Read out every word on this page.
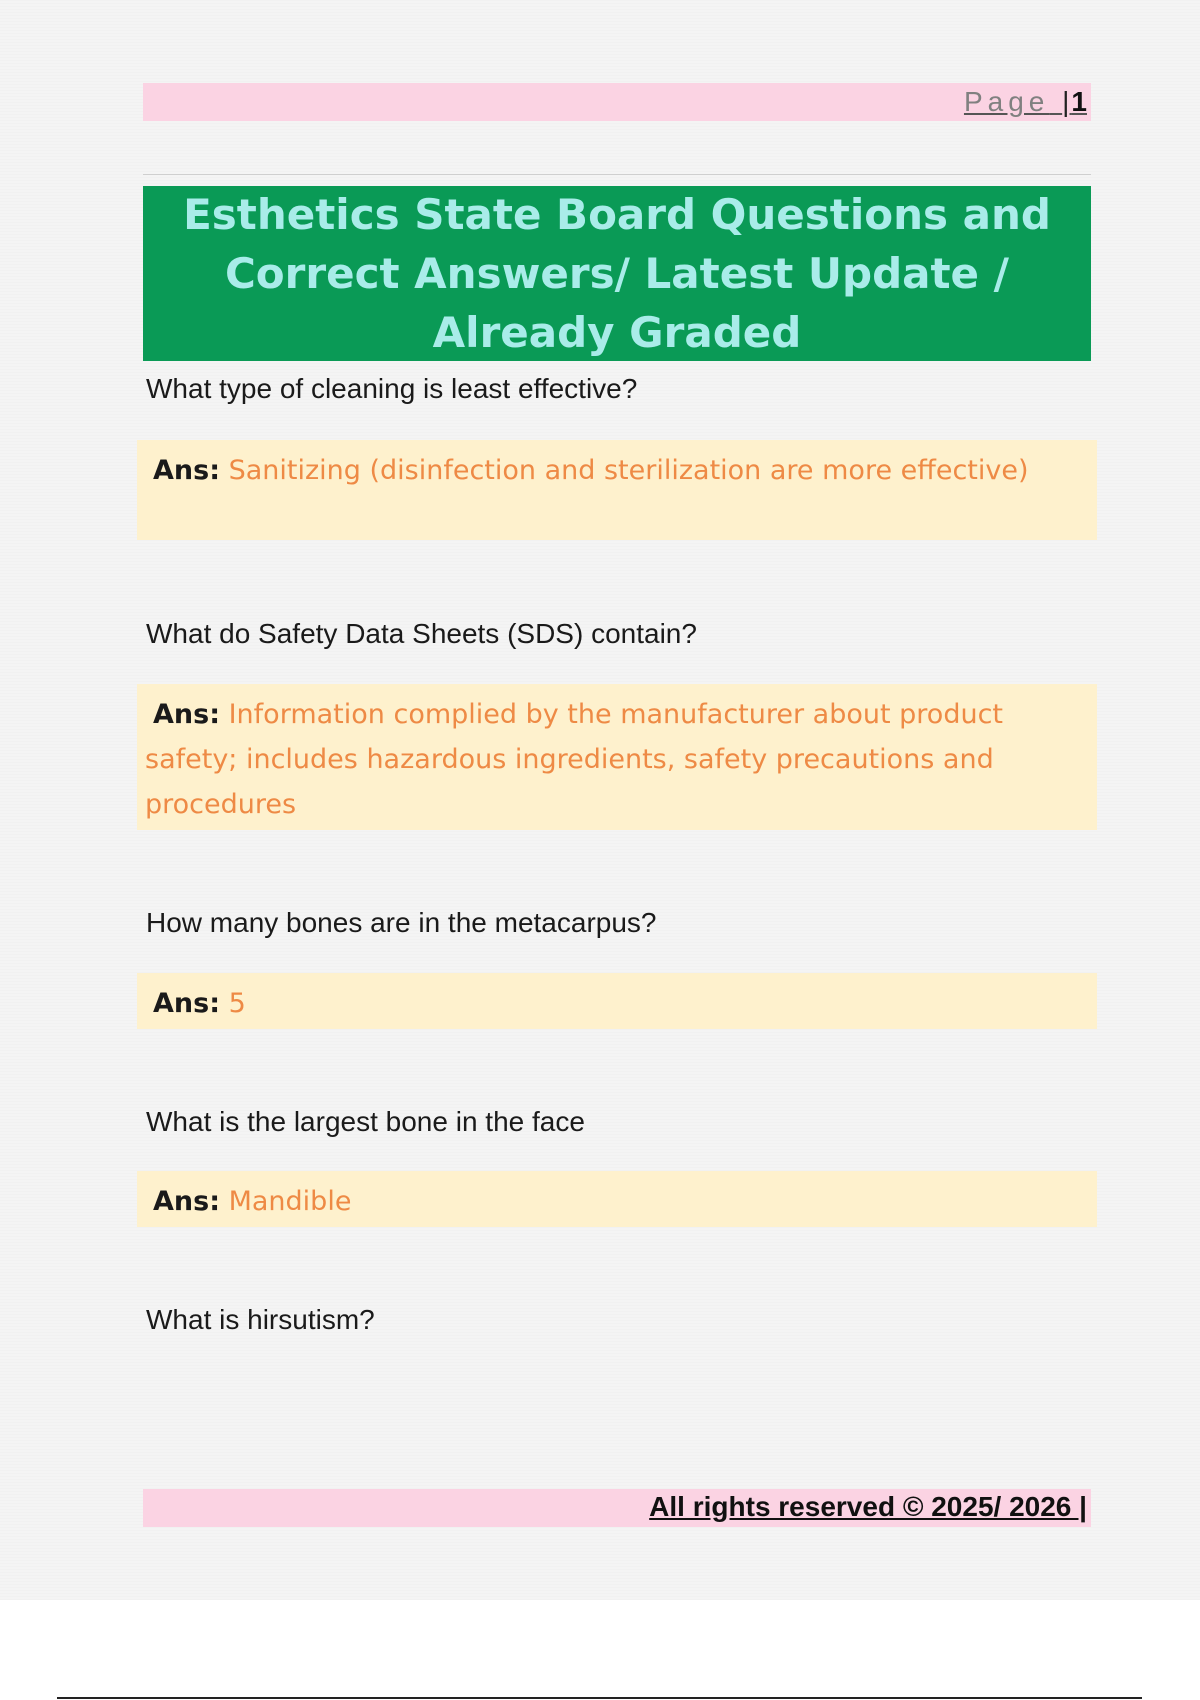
Page |1
Esthetics State Board Questions and Correct Answers/ Latest Update / Already Graded
What type of cleaning is least effective?
Ans: Sanitizing (disinfection and sterilization are more effective)
What do Safety Data Sheets (SDS) contain?
Ans: Information complied by the manufacturer about product safety; includes hazardous ingredients, safety precautions and procedures
How many bones are in the metacarpus?
Ans: 5
What is the largest bone in the face
Ans: Mandible
What is hirsutism?
All rights reserved © 2025/ 2026 |
